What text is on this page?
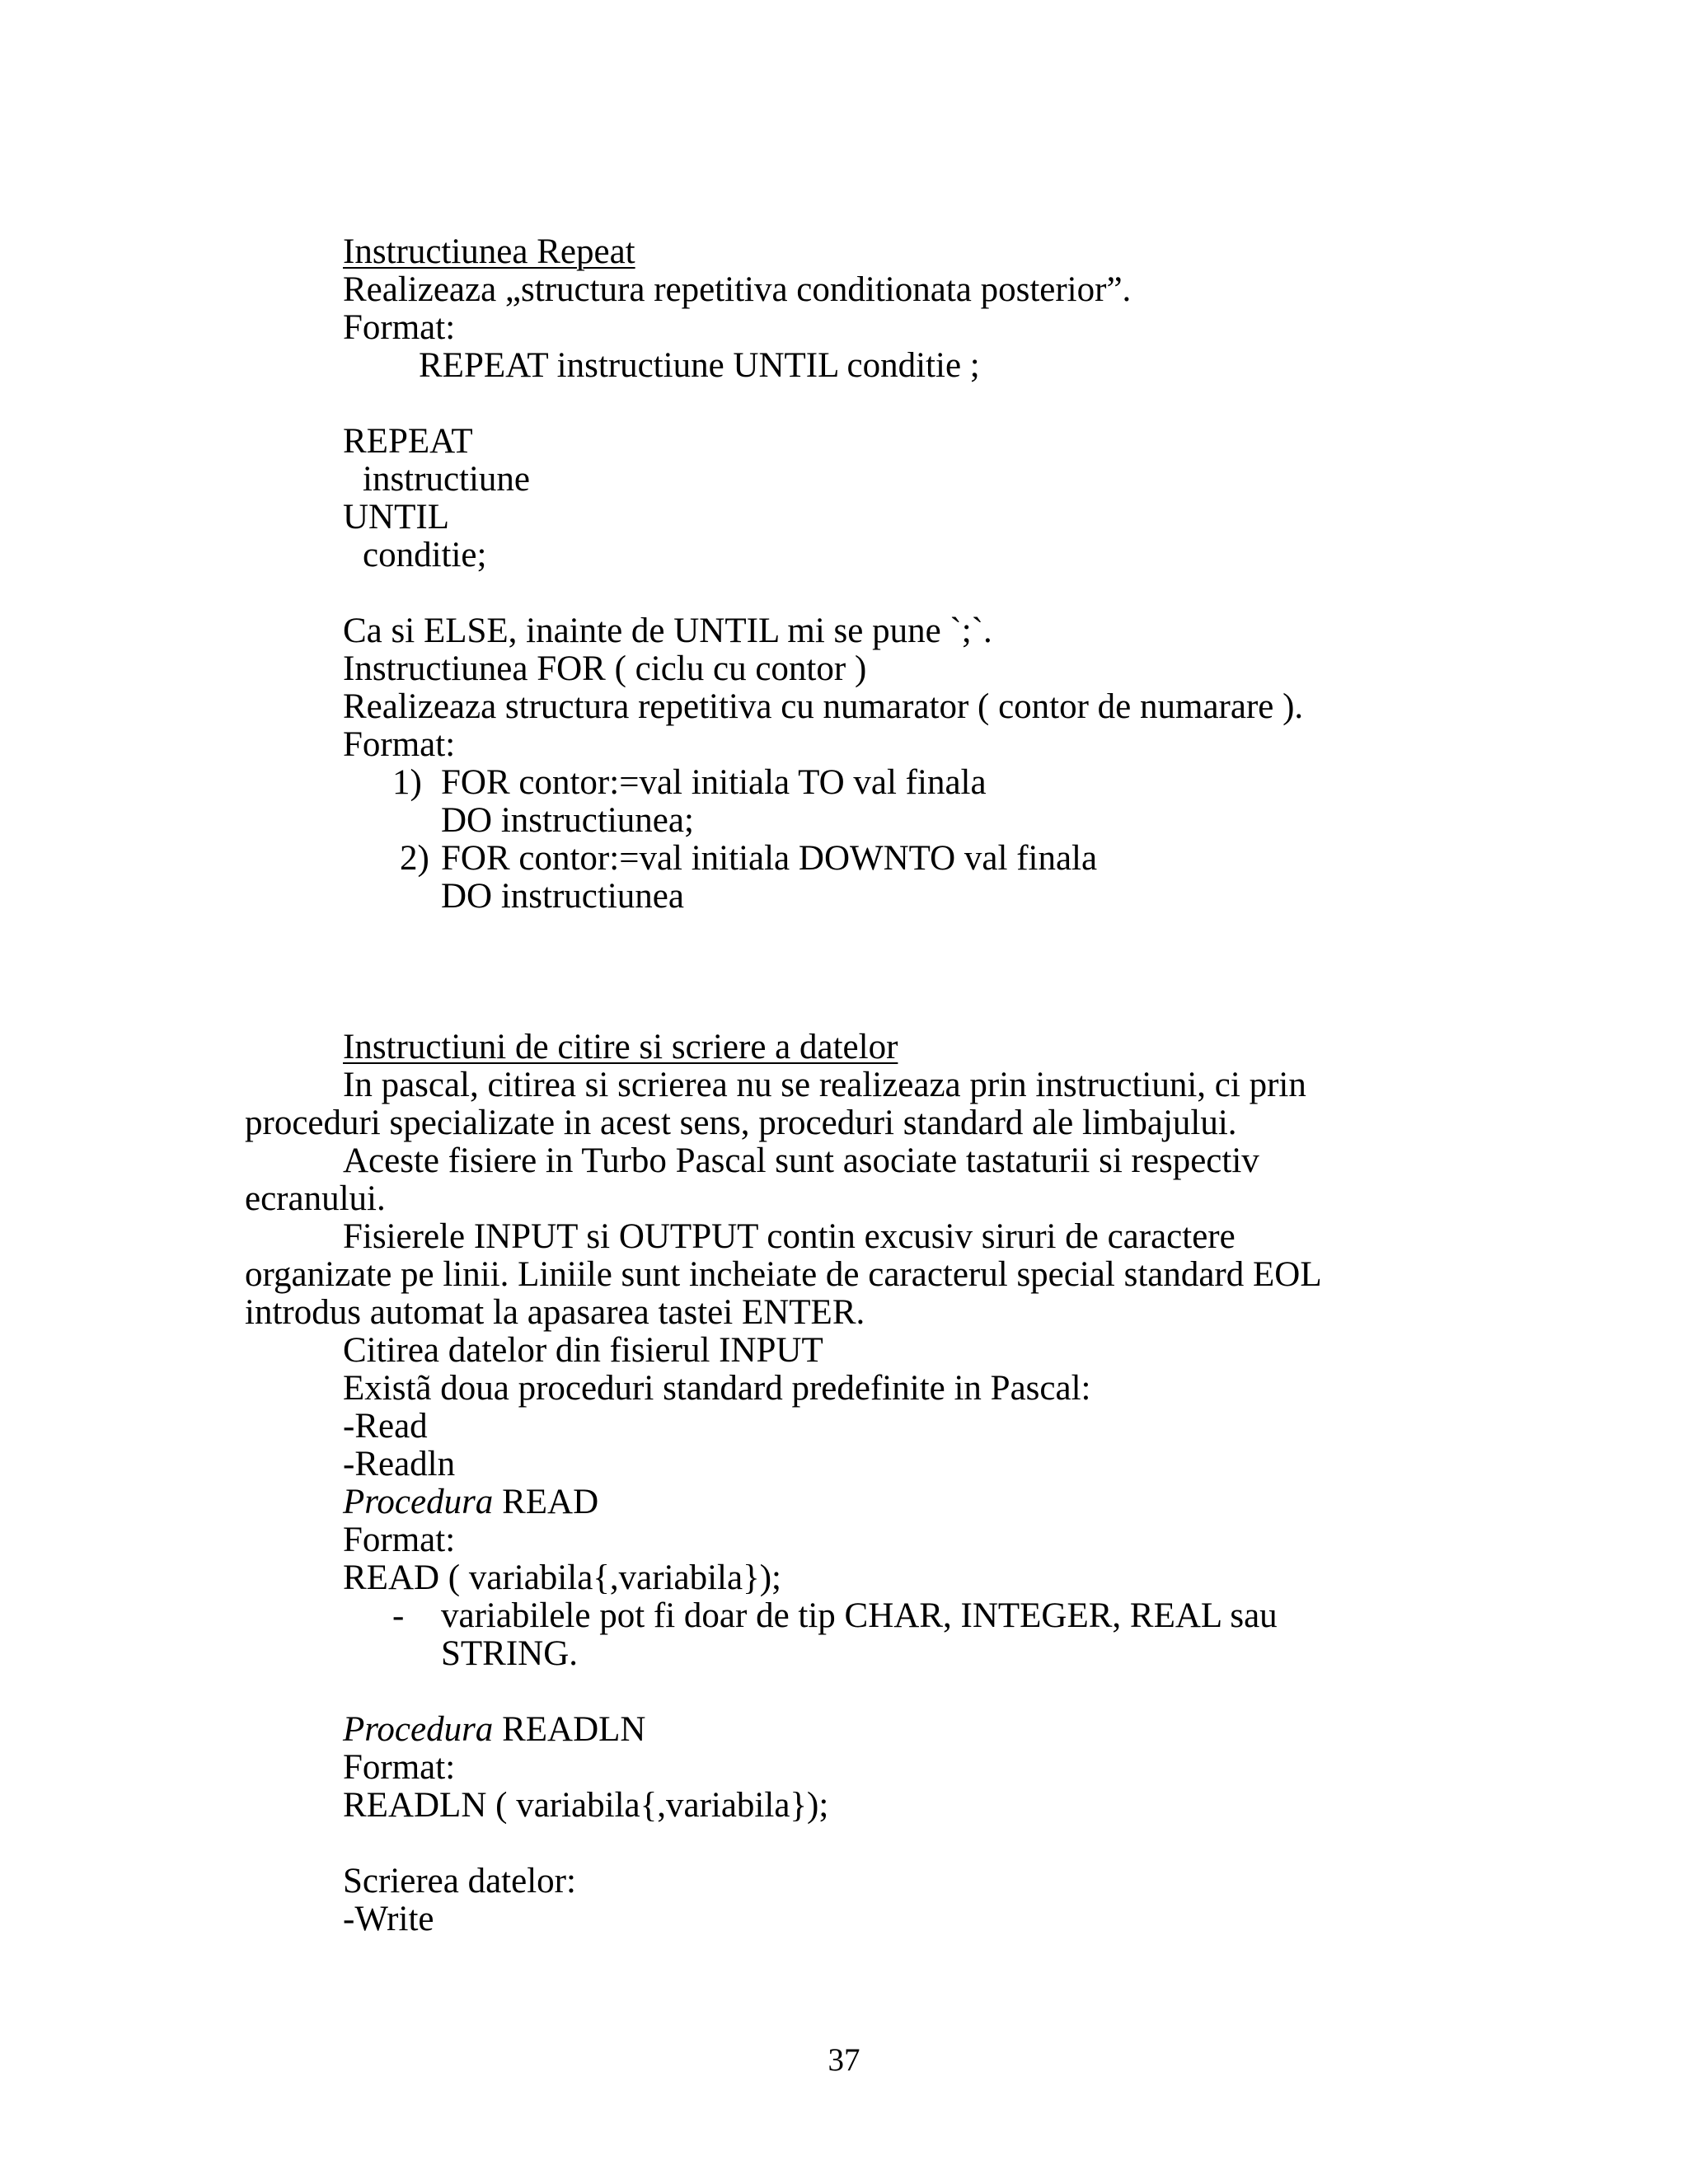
Instructiunea Repeat
Realizeaza „structura repetitiva conditionata posterior”.
Format:
REPEAT instructiune UNTIL conditie ;
REPEAT
instructiune
UNTIL
conditie;
Ca si ELSE, inainte de UNTIL mi se pune `;`.
Instructiunea FOR ( ciclu cu contor )
Realizeaza structura repetitiva cu numarator ( contor de numarare ).
Format:
1) FOR contor:=val initiala TO val finala
DO instructiunea;
2) FOR contor:=val initiala DOWNTO val finala
DO instructiunea
Instructiuni de citire si scriere a datelor
In pascal, citirea si scrierea nu se realizeaza prin instructiuni, ci prin
proceduri specializate in acest sens, proceduri standard ale limbajului.
Aceste fisiere in Turbo Pascal sunt asociate tastaturii si respectiv
ecranului.
Fisierele INPUT si OUTPUT contin excusiv siruri de caractere
organizate pe linii. Liniile sunt incheiate de caracterul special standard EOL
introdus automat la apasarea tastei ENTER.
Citirea datelor din fisierul INPUT
Existã doua proceduri standard predefinite in Pascal:
-Read
-Readln
Procedura READ
Format:
READ ( variabila{,variabila});
- variabilele pot fi doar de tip CHAR, INTEGER, REAL sau
STRING.
Procedura READLN
Format:
READLN ( variabila{,variabila});
Scrierea datelor:
-Write
37
